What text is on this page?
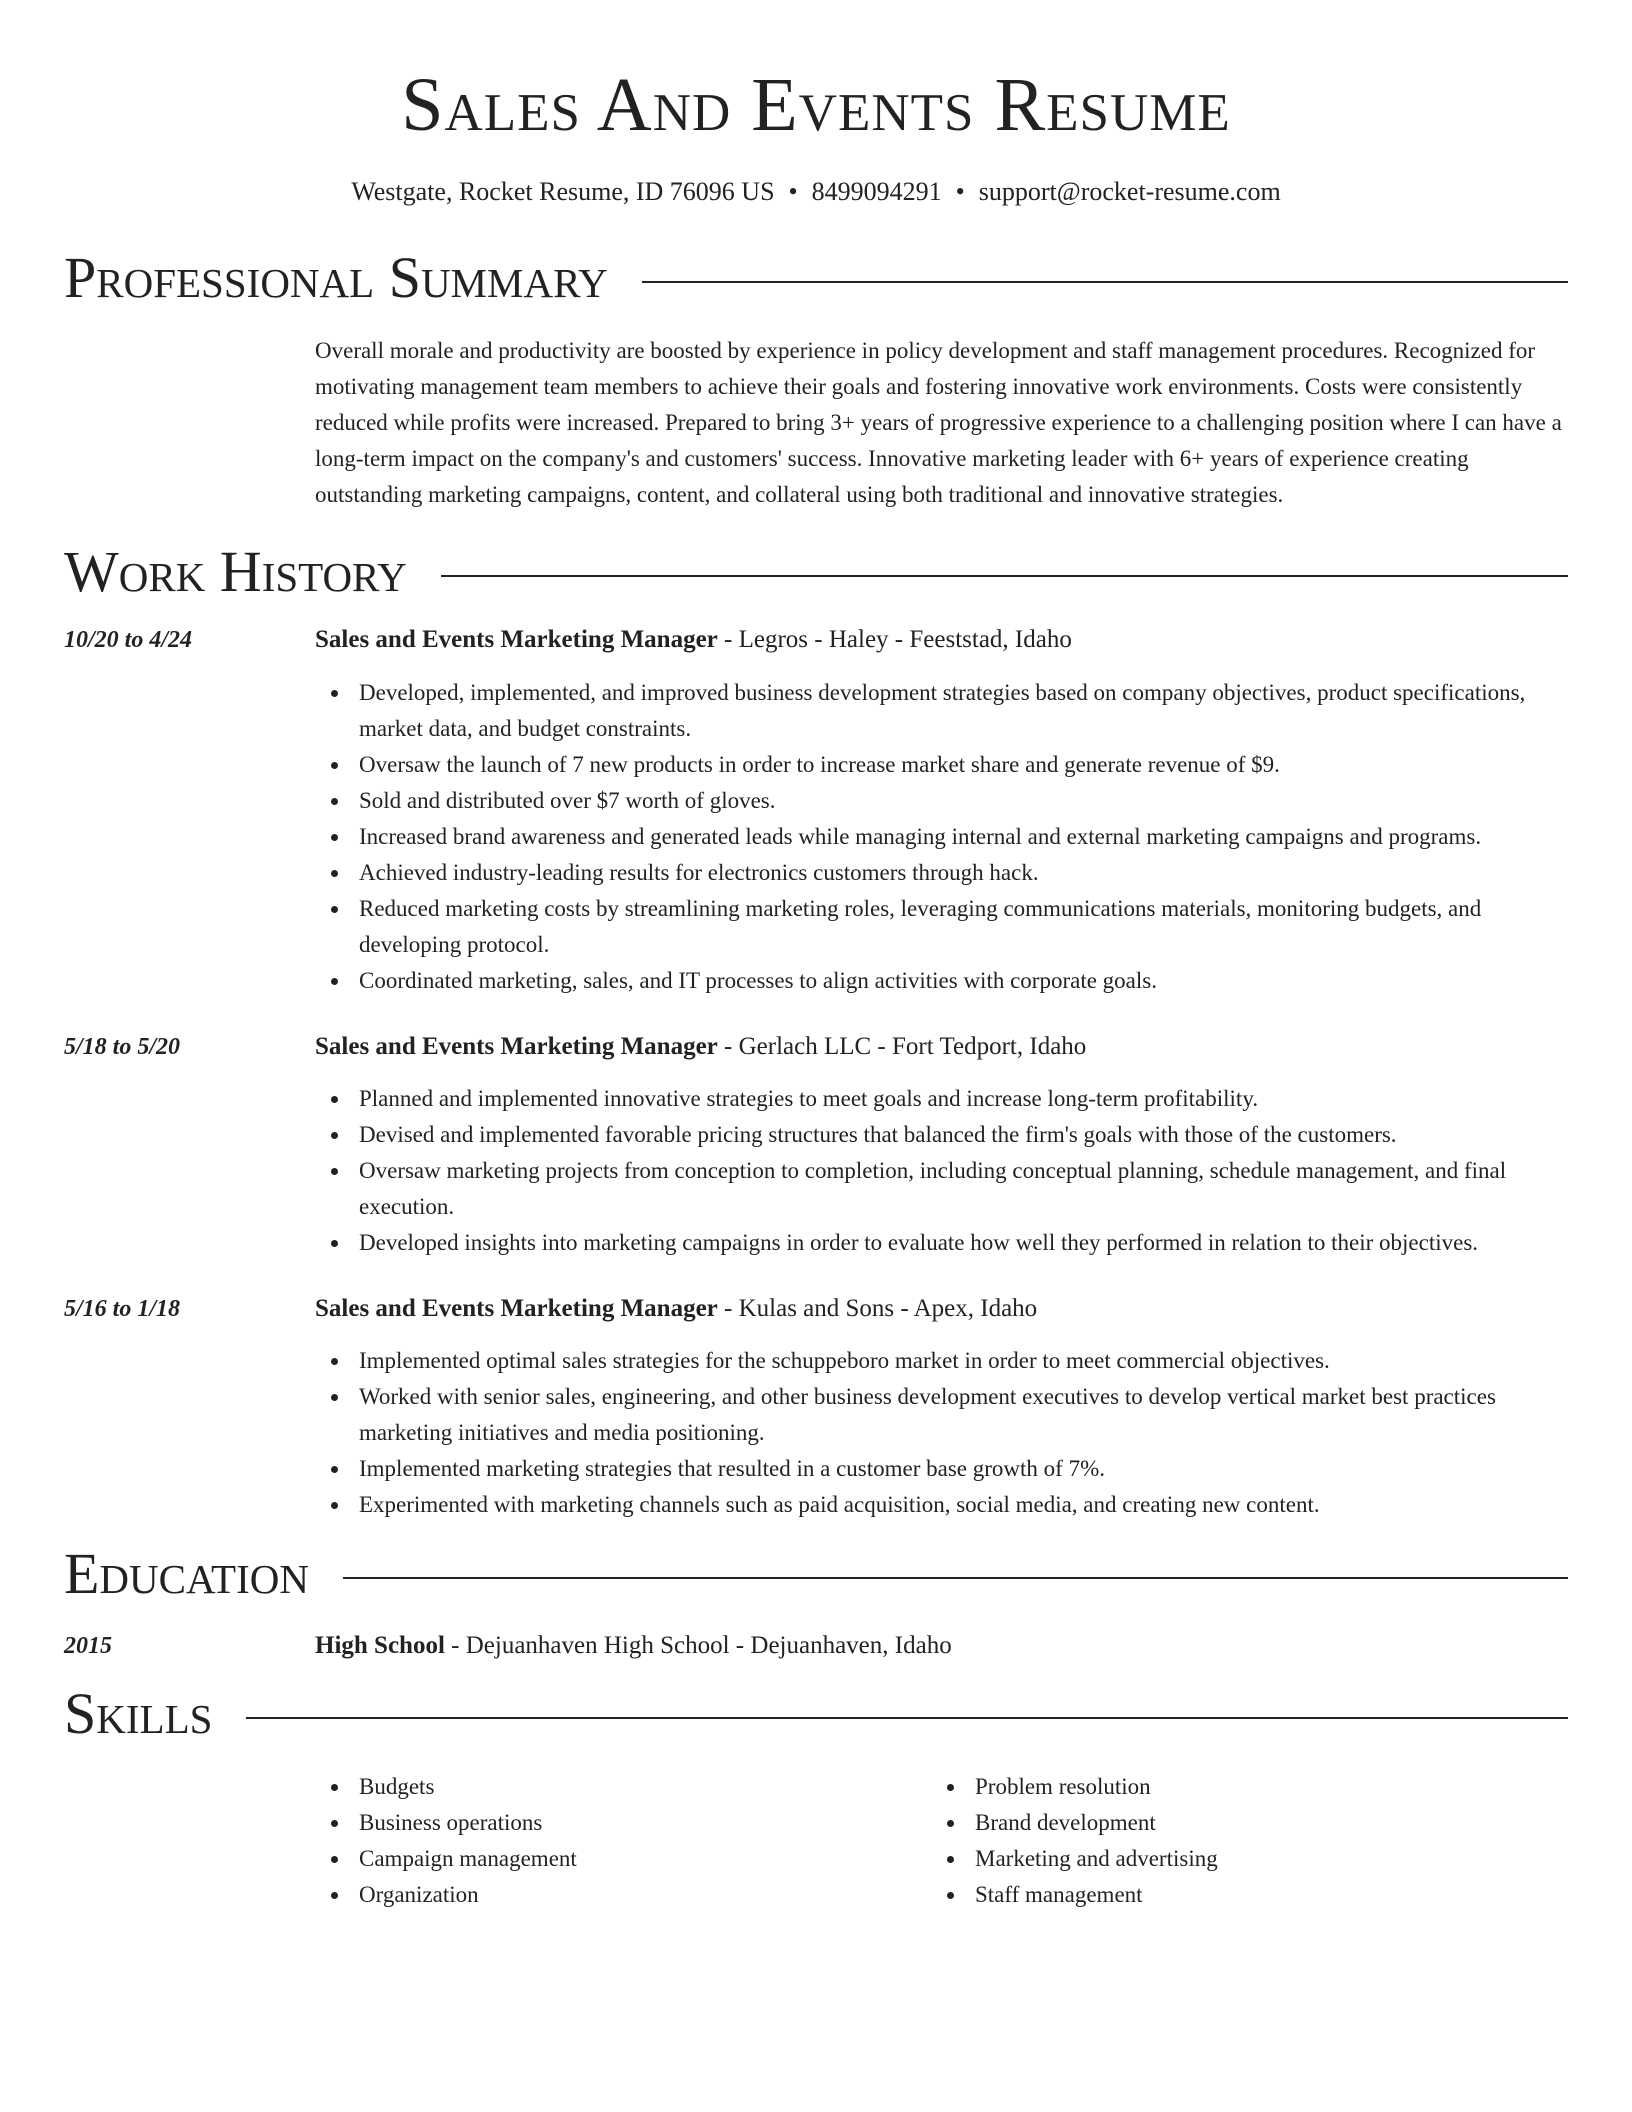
Sales And Events Resume
Westgate, Rocket Resume, ID 76096 US • 8499094291 • support@rocket-resume.com
Professional Summary
Overall morale and productivity are boosted by experience in policy development and staff management procedures. Recognized for motivating management team members to achieve their goals and fostering innovative work environments. Costs were consistently reduced while profits were increased. Prepared to bring 3+ years of progressive experience to a challenging position where I can have a long-term impact on the company's and customers' success. Innovative marketing leader with 6+ years of experience creating outstanding marketing campaigns, content, and collateral using both traditional and innovative strategies.
Work History
10/20 to 4/24	Sales and Events Marketing Manager - Legros - Haley - Feeststad, Idaho
Developed, implemented, and improved business development strategies based on company objectives, product specifications, market data, and budget constraints.
Oversaw the launch of 7 new products in order to increase market share and generate revenue of $9.
Sold and distributed over $7 worth of gloves.
Increased brand awareness and generated leads while managing internal and external marketing campaigns and programs.
Achieved industry-leading results for electronics customers through hack.
Reduced marketing costs by streamlining marketing roles, leveraging communications materials, monitoring budgets, and developing protocol.
Coordinated marketing, sales, and IT processes to align activities with corporate goals.
5/18 to 5/20	Sales and Events Marketing Manager - Gerlach LLC - Fort Tedport, Idaho
Planned and implemented innovative strategies to meet goals and increase long-term profitability.
Devised and implemented favorable pricing structures that balanced the firm's goals with those of the customers.
Oversaw marketing projects from conception to completion, including conceptual planning, schedule management, and final execution.
Developed insights into marketing campaigns in order to evaluate how well they performed in relation to their objectives.
5/16 to 1/18	Sales and Events Marketing Manager - Kulas and Sons - Apex, Idaho
Implemented optimal sales strategies for the schuppeboro market in order to meet commercial objectives.
Worked with senior sales, engineering, and other business development executives to develop vertical market best practices marketing initiatives and media positioning.
Implemented marketing strategies that resulted in a customer base growth of 7%.
Experimented with marketing channels such as paid acquisition, social media, and creating new content.
Education
2015	High School - Dejuanhaven High School - Dejuanhaven, Idaho
Skills
Budgets
Business operations
Campaign management
Organization
Problem resolution
Brand development
Marketing and advertising
Staff management
